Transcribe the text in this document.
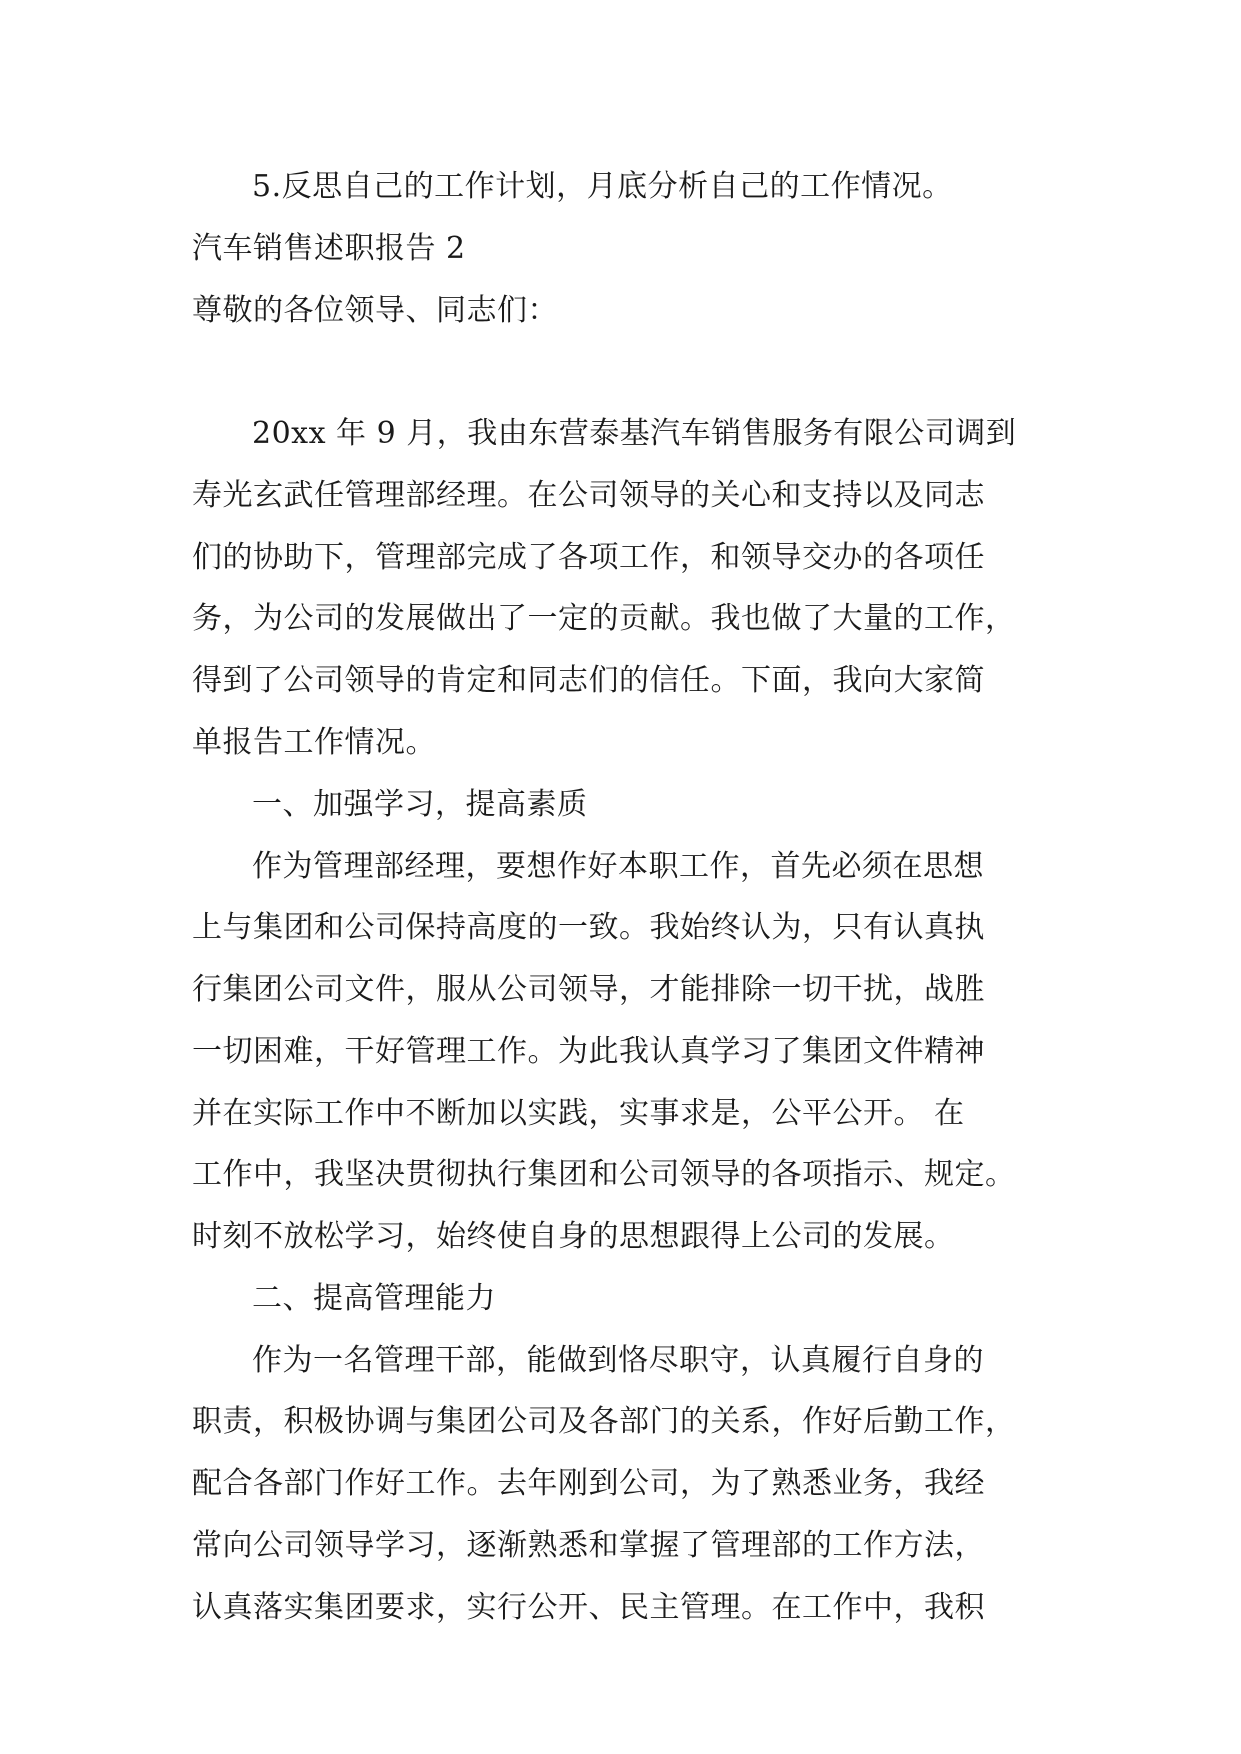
5.反思自己的工作计划，月底分析自己的工作情况。
汽车销售述职报告 2
尊敬的各位领导、同志们：
20xx 年 9 月，我由东营泰基汽车销售服务有限公司调到
寿光玄武任管理部经理。在公司领导的关心和支持以及同志
们的协助下，管理部完成了各项工作，和领导交办的各项任
务，为公司的发展做出了一定的贡献。我也做了大量的工作，
得到了公司领导的肯定和同志们的信任。下面，我向大家简
单报告工作情况。
一、加强学习，提高素质
作为管理部经理，要想作好本职工作，首先必须在思想
上与集团和公司保持高度的一致。我始终认为，只有认真执
行集团公司文件，服从公司领导，才能排除一切干扰，战胜
一切困难，干好管理工作。为此我认真学习了集团文件精神
并在实际工作中不断加以实践，实事求是，公平公开。 在
工作中，我坚决贯彻执行集团和公司领导的各项指示、规定。
时刻不放松学习，始终使自身的思想跟得上公司的发展。
二、提高管理能力
作为一名管理干部，能做到恪尽职守，认真履行自身的
职责，积极协调与集团公司及各部门的关系，作好后勤工作，
配合各部门作好工作。去年刚到公司，为了熟悉业务，我经
常向公司领导学习，逐渐熟悉和掌握了管理部的工作方法，
认真落实集团要求，实行公开、民主管理。在工作中，我积
